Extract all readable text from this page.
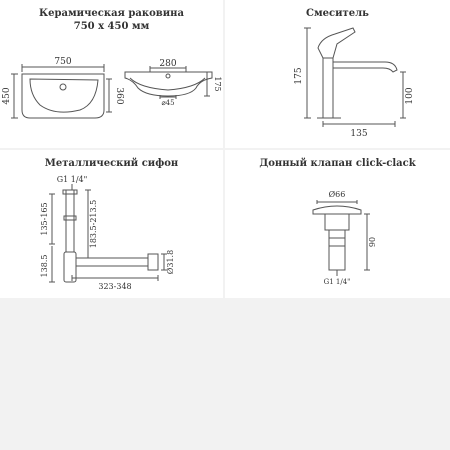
Керамическая раковина
750 x 450 мм
750
450	360
280
175
⌀45
Смеситель
175
100
135
Металлический сифон
G1 1/4"
135-165
138.5
183.5-213.5
323-348
Ø31.8
Донный клапан click-clack
Ø66
90
G1 1/4"
